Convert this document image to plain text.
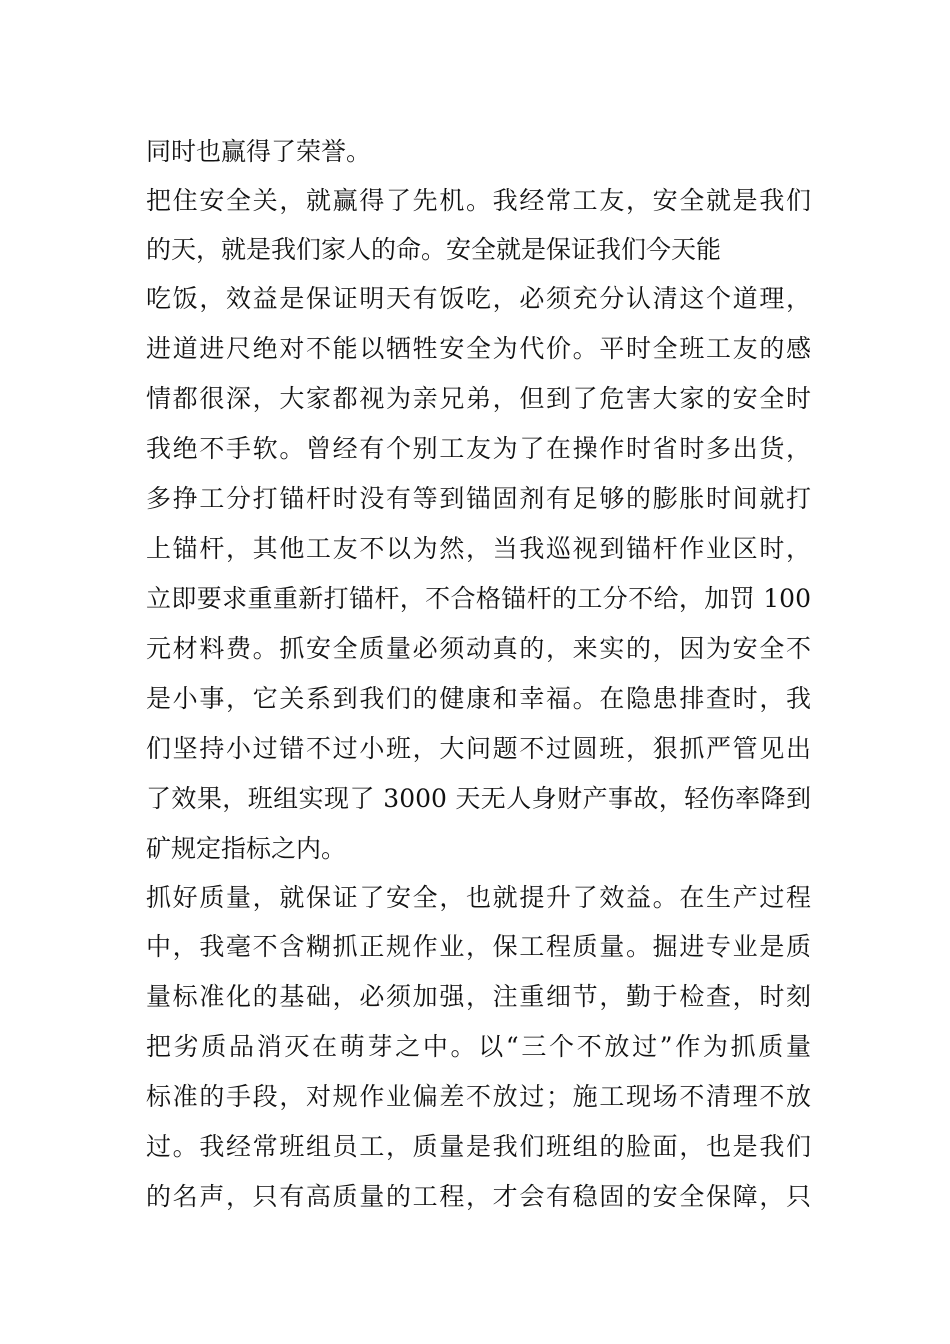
同时也赢得了荣誉。
把住安全关，就赢得了先机。我经常工友，安全就是我们
的天，就是我们家人的命。安全就是保证我们今天能
吃饭，效益是保证明天有饭吃，必须充分认清这个道理，
进道进尺绝对不能以牺牲安全为代价。平时全班工友的感
情都很深，大家都视为亲兄弟，但到了危害大家的安全时
我绝不手软。曾经有个别工友为了在操作时省时多出货，
多挣工分打锚杆时没有等到锚固剂有足够的膨胀时间就打
上锚杆，其他工友不以为然，当我巡视到锚杆作业区时，
立即要求重重新打锚杆，不合格锚杆的工分不给，加罚 100
元材料费。抓安全质量必须动真的，来实的，因为安全不
是小事，它关系到我们的健康和幸福。在隐患排查时，我
们坚持小过错不过小班，大问题不过圆班，狠抓严管见出
了效果，班组实现了 3000 天无人身财产事故，轻伤率降到
矿规定指标之内。
抓好质量，就保证了安全，也就提升了效益。在生产过程
中，我毫不含糊抓正规作业，保工程质量。掘进专业是质
量标准化的基础，必须加强，注重细节，勤于检查，时刻
把劣质品消灭在萌芽之中。以“三个不放过”作为抓质量
标准的手段，对规作业偏差不放过；施工现场不清理不放
过。我经常班组员工，质量是我们班组的脸面，也是我们
的名声，只有高质量的工程，才会有稳固的安全保障，只
